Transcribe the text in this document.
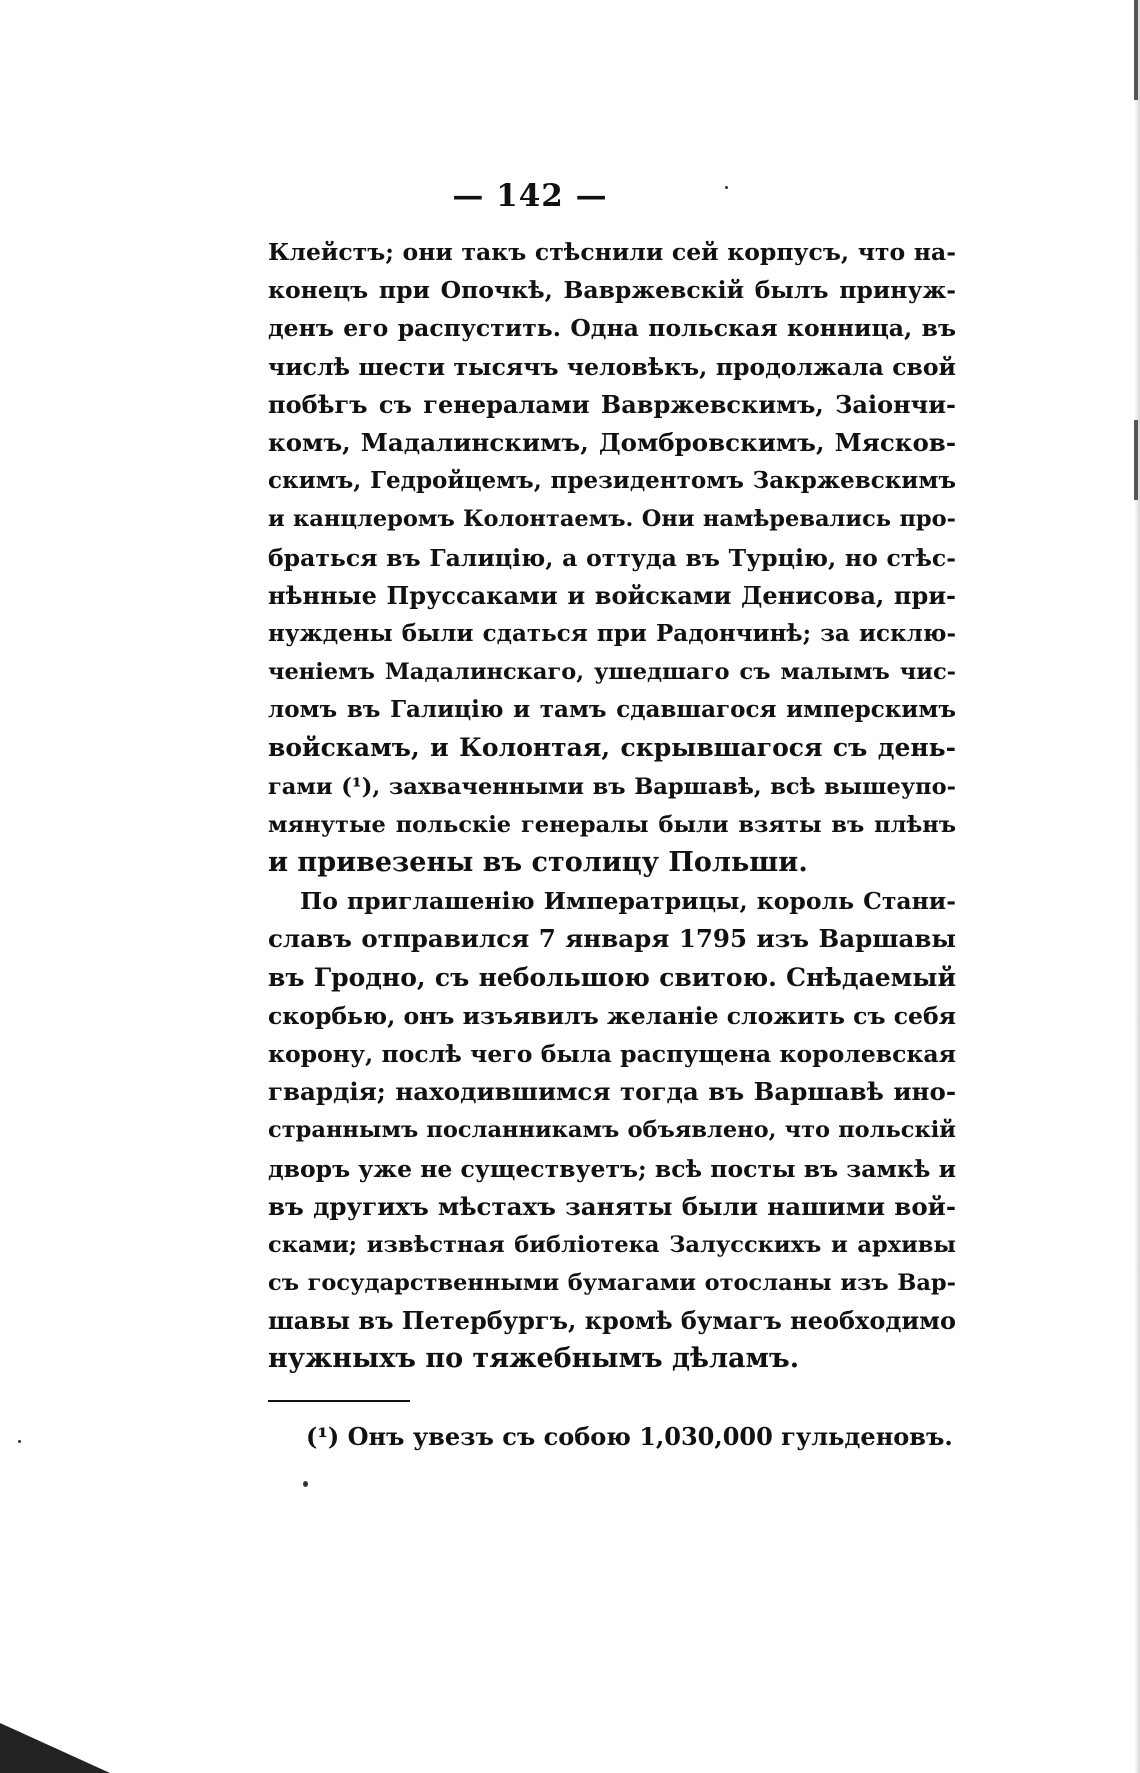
— 142 —
Клейстъ; они такъ стѣснили сей корпусъ, что на-
конецъ при Опочкѣ, Вавржевскій былъ принуж-
денъ его распустить. Одна польская конница, въ
числѣ шести тысячъ человѣкъ, продолжала свой
побѣгъ съ генералами Вавржевскимъ, Заіончи-
комъ, Мадалинскимъ, Домбровскимъ, Мясков-
скимъ, Гедройцемъ, президентомъ Закржевскимъ
и канцлеромъ Колонтаемъ. Они намѣревались про-
браться въ Галицію, а оттуда въ Турцію, но стѣс-
нѣнные Пруссаками и войсками Денисова, при-
нуждены были сдаться при Радончинѣ; за исклю-
ченіемъ Мадалинскаго, ушедшаго съ малымъ чис-
ломъ въ Галицію и тамъ сдавшагося имперскимъ
войскамъ, и Колонтая, скрывшагося съ день-
гами (¹), захваченными въ Варшавѣ, всѣ вышеупо-
мянутые польскіе генералы были взяты въ плѣнъ
и привезены въ столицу Польши.
По приглашенію Императрицы, король Стани-
славъ отправился 7 января 1795 изъ Варшавы
въ Гродно, съ небольшою свитою. Снѣдаемый
скорбью, онъ изъявилъ желаніе сложить съ себя
корону, послѣ чего была распущена королевская
гвардія; находившимся тогда въ Варшавѣ ино-
страннымъ посланникамъ объявлено, что польскій
дворъ уже не существуетъ; всѣ посты въ замкѣ и
въ другихъ мѣстахъ заняты были нашими вой-
сками; извѣстная библіотека Залусскихъ и архивы
съ государственными бумагами отосланы изъ Вар-
шавы въ Петербургъ, кромѣ бумагъ необходимо
нужныхъ по тяжебнымъ дѣламъ.
(¹) Онъ увезъ съ собою 1,030,000 гульденовъ.
